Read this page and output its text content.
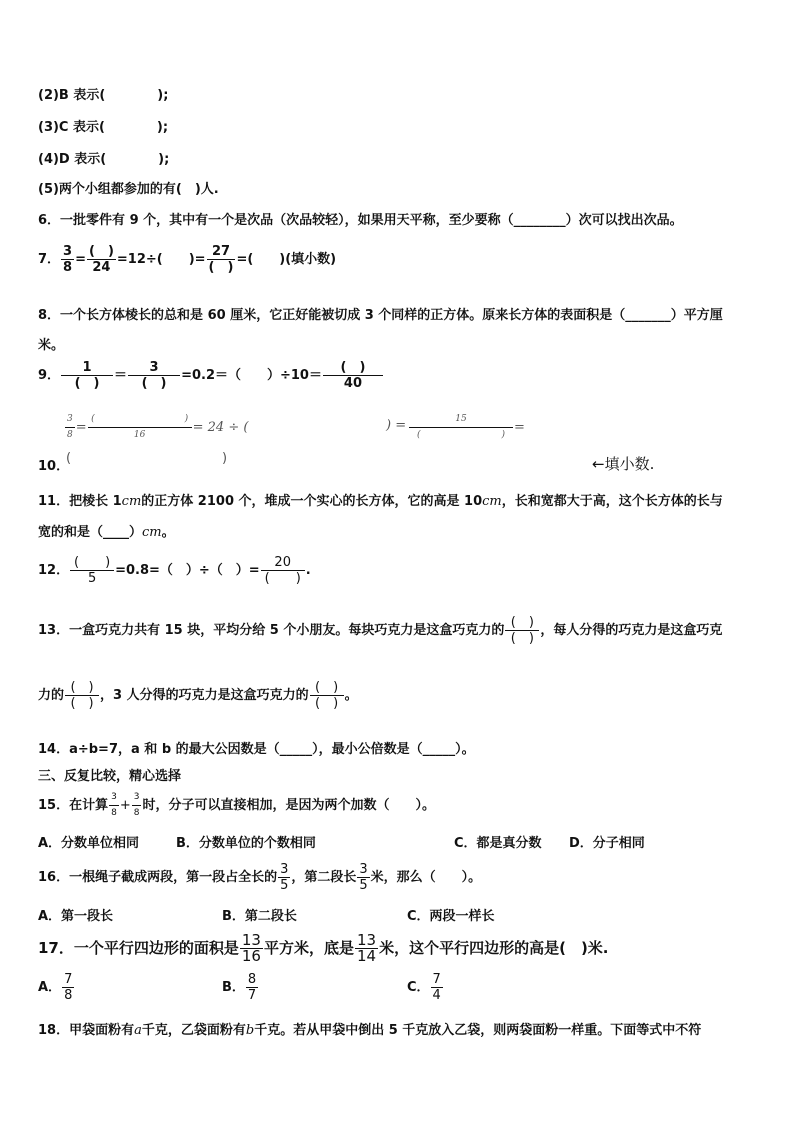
(2)B 表示(　　　　);
(3)C 表示(　　　　);
(4)D 表示(　　　　);
(5)两个小组都参加的有(　)人.
6．一批零件有 9 个，其中有一个是次品（次品较轻），如果用天平称，至少要称（________）次可以找出次品。
7． $\frac{3}{8} = \frac{( )}{24} =12\div$(　　)= $\frac{27}{( )}$ =(　　)(填小数)
8．一个长方体棱长的总和是 60 厘米，它正好能被切成 3 个同样的正方体。原来长方体的表面积是（_______）平方厘
米。
9． $\frac{1}{( )} = \frac{3}{( )} =0.2=$（　　）$\div 10= \frac{( )}{40}$
$\frac{3}{8} = \frac{( )}{16} = 24$ ÷ (	) = $\frac{15}{( )}$ =
10．
(	)	←填小数.
11．把棱长 1cm的正方体 2100 个，堆成一个实心的长方体，它的高是 10cm，长和宽都大于高，这个长方体的长与
宽的和是（____）cm。
12． $\frac{( )}{5} =0.8=$（　）÷（　）= $\frac{20}{( )}$ .
13．一盒巧克力共有 15 块，平均分给 5 个小朋友。每块巧克力是这盒巧克力的 $\frac{( )}{( )}$ ，每人分得的巧克力是这盒巧克
力的 $\frac{( )}{( )}$ ，3 人分得的巧克力是这盒巧克力的 $\frac{( )}{( )}$ 。
14．a÷b=7，a 和 b 的最大公因数是（_____），最小公倍数是（_____）。
三、反复比较，精心选择
15．在计算 $\frac{3}{8} + \frac{3}{8}$ 时，分子可以直接相加，是因为两个加数（　　）。
A．分数单位相同	B．分数单位的个数相同	C．都是真分数 D．分子相同
16．一根绳子截成两段，第一段占全长的 $\frac{3}{5}$ ，第二段长 $\frac{3}{5}$ 米，那么（　　）。
A．第一段长	B．第二段长	C．两段一样长
17．一个平行四边形的面积是 $\frac{13}{16}$ 平方米，底是 $\frac{13}{14}$ 米，这个平行四边形的高是(　)米.
A． $\frac{7}{8}$	B． $\frac{8}{7}$	C． $\frac{7}{4}$
18．甲袋面粉有a千克，乙袋面粉有b千克。若从甲袋中倒出 5 千克放入乙袋，则两袋面粉一样重。下面等式中不符
